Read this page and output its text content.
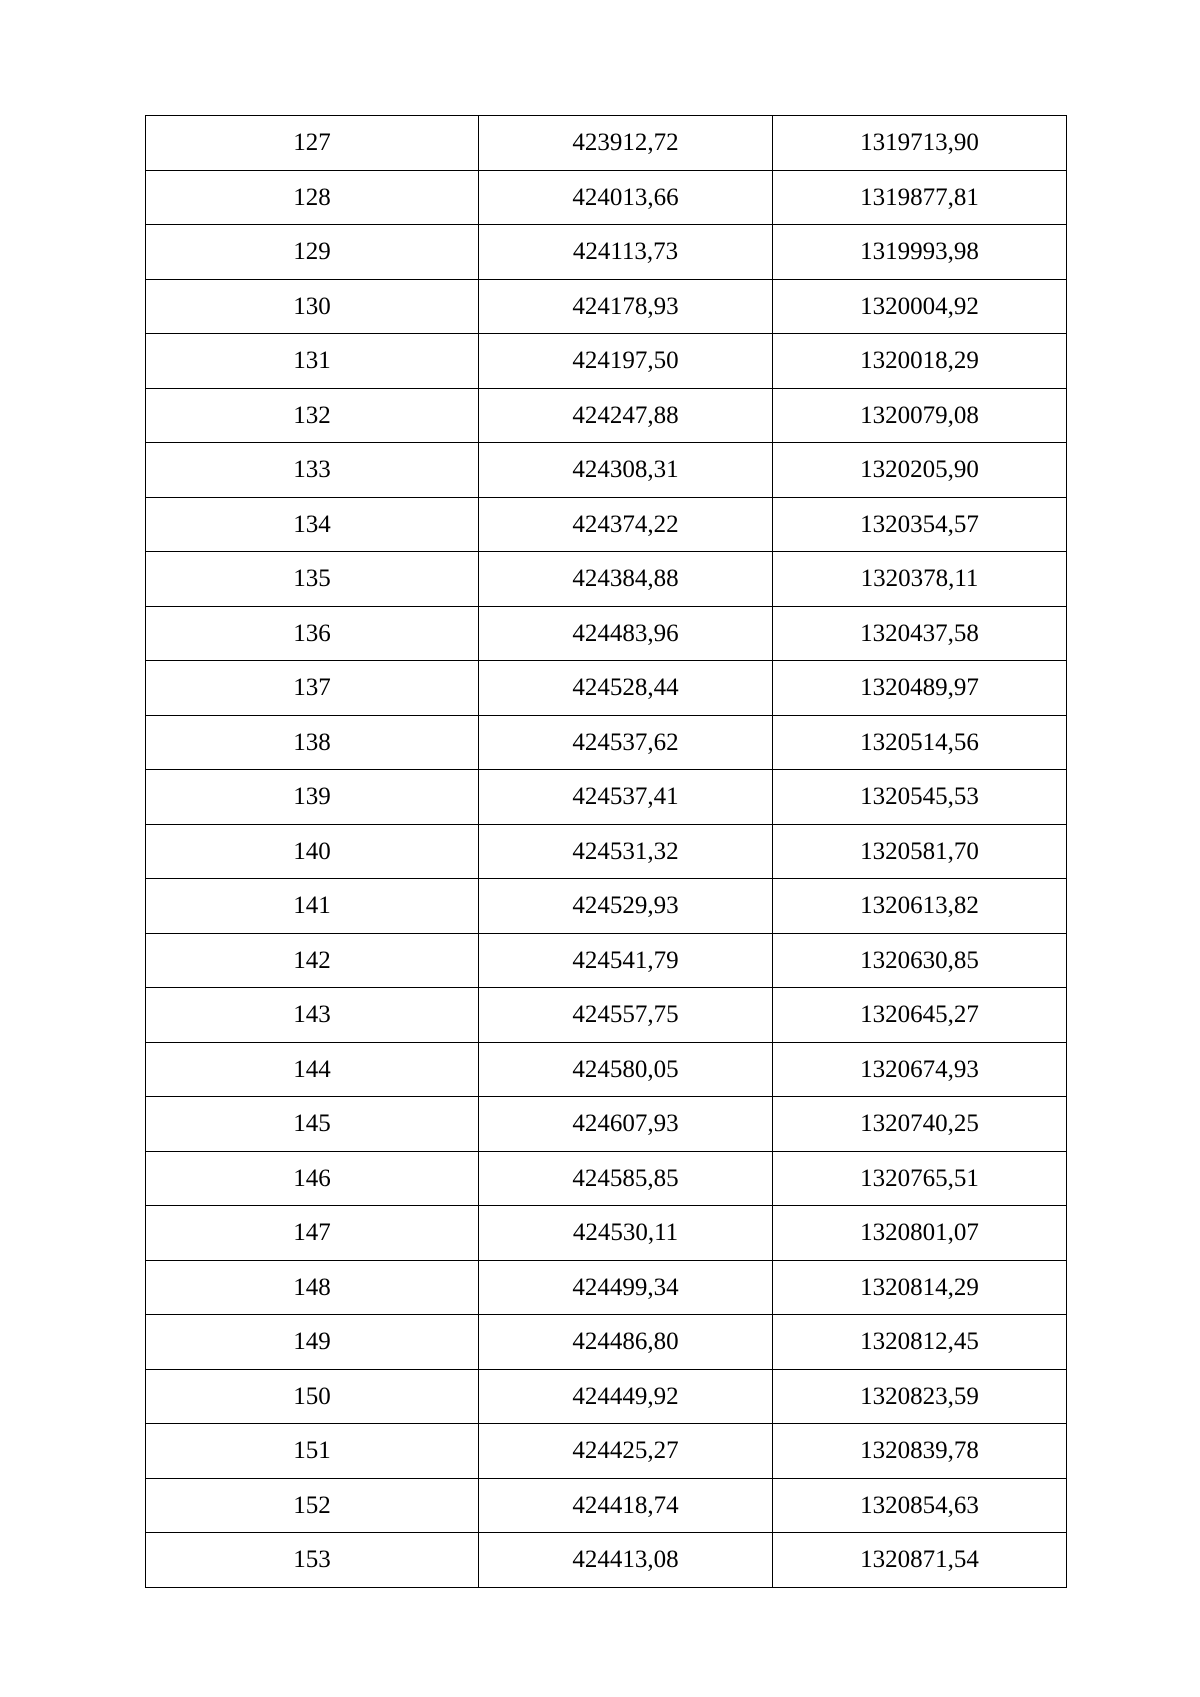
127	423912,72	1319713,90
128	424013,66	1319877,81
129	424113,73	1319993,98
130	424178,93	1320004,92
131	424197,50	1320018,29
132	424247,88	1320079,08
133	424308,31	1320205,90
134	424374,22	1320354,57
135	424384,88	1320378,11
136	424483,96	1320437,58
137	424528,44	1320489,97
138	424537,62	1320514,56
139	424537,41	1320545,53
140	424531,32	1320581,70
141	424529,93	1320613,82
142	424541,79	1320630,85
143	424557,75	1320645,27
144	424580,05	1320674,93
145	424607,93	1320740,25
146	424585,85	1320765,51
147	424530,11	1320801,07
148	424499,34	1320814,29
149	424486,80	1320812,45
150	424449,92	1320823,59
151	424425,27	1320839,78
152	424418,74	1320854,63
153	424413,08	1320871,54
